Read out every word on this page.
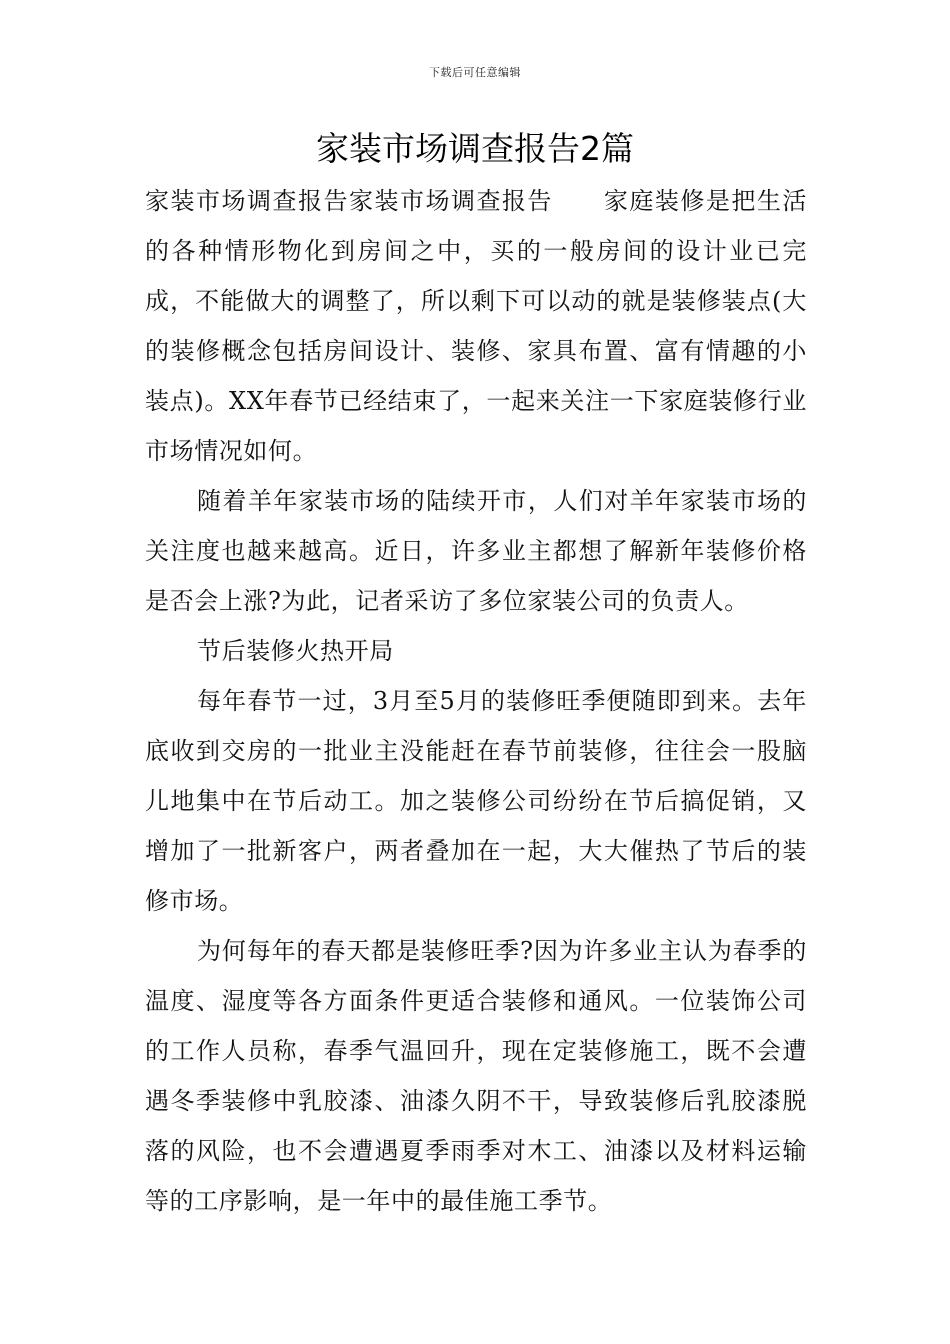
下载后可任意编辑
家装市场调查报告2篇

家装市场调查报告家装市场调查报告　　家庭装修是把生活的各种情形物化到房间之中，买的一般房间的设计业已完成，不能做大的调整了，所以剩下可以动的就是装修装点(大的装修概念包括房间设计、装修、家具布置、富有情趣的小装点)。XX年春节已经结束了，一起来关注一下家庭装修行业市场情况如何。

随着羊年家装市场的陆续开市，人们对羊年家装市场的关注度也越来越高。近日，许多业主都想了解新年装修价格是否会上涨?为此，记者采访了多位家装公司的负责人。

节后装修火热开局

每年春节一过，3月至5月的装修旺季便随即到来。去年底收到交房的一批业主没能赶在春节前装修，往往会一股脑儿地集中在节后动工。加之装修公司纷纷在节后搞促销，又增加了一批新客户，两者叠加在一起，大大催热了节后的装修市场。

为何每年的春天都是装修旺季?因为许多业主认为春季的温度、湿度等各方面条件更适合装修和通风。一位装饰公司的工作人员称，春季气温回升，现在定装修施工，既不会遭遇冬季装修中乳胶漆、油漆久阴不干，导致装修后乳胶漆脱落的风险，也不会遭遇夏季雨季对木工、油漆以及材料运输等的工序影响，是一年中的最佳施工季节。
